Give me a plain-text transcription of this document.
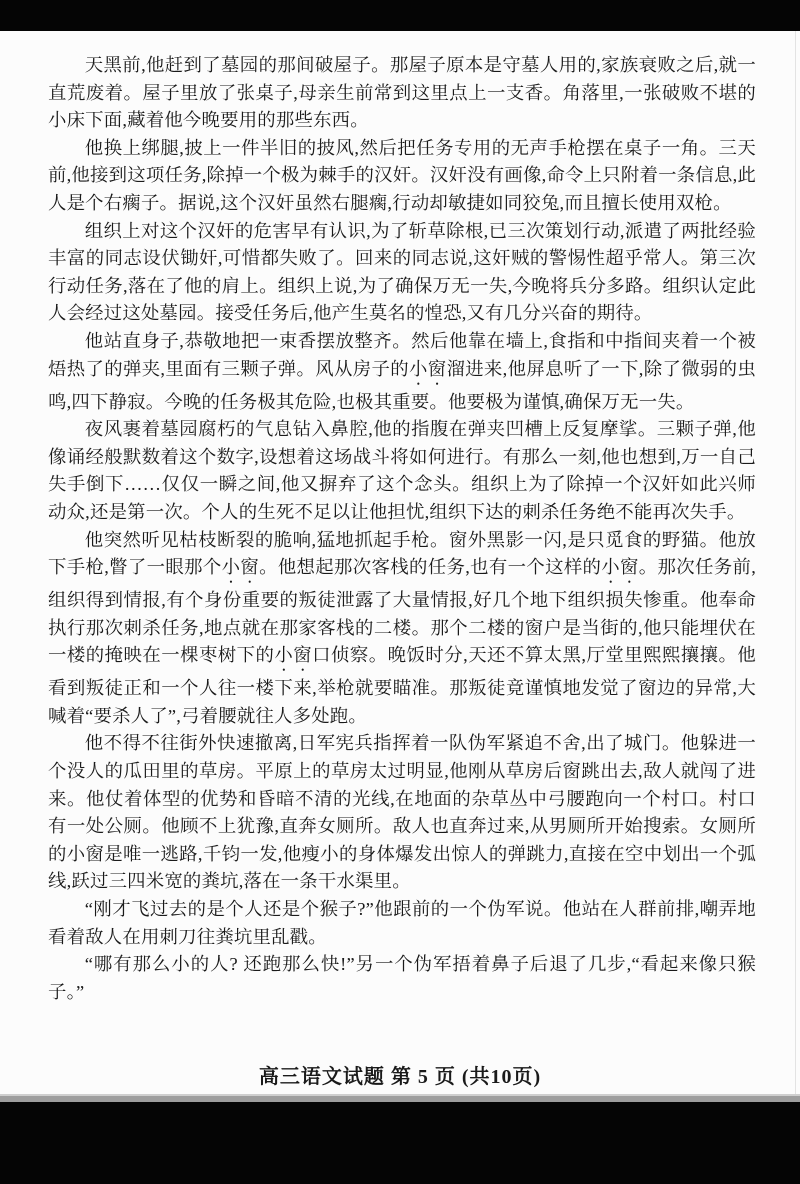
天黑前,他赶到了墓园的那间破屋子。那屋子原本是守墓人用的,家族衰败之后,就一直荒废着。屋子里放了张桌子,母亲生前常到这里点上一支香。角落里,一张破败不堪的小床下面,藏着他今晚要用的那些东西。

他换上绑腿,披上一件半旧的披风,然后把任务专用的无声手枪摆在桌子一角。三天前,他接到这项任务,除掉一个极为棘手的汉奸。汉奸没有画像,命令上只附着一条信息,此人是个右瘸子。据说,这个汉奸虽然右腿瘸,行动却敏捷如同狡兔,而且擅长使用双枪。

组织上对这个汉奸的危害早有认识,为了斩草除根,已三次策划行动,派遣了两批经验丰富的同志设伏锄奸,可惜都失败了。回来的同志说,这奸贼的警惕性超乎常人。第三次行动任务,落在了他的肩上。组织上说,为了确保万无一失,今晚将兵分多路。组织认定此人会经过这处墓园。接受任务后,他产生莫名的惶恐,又有几分兴奋的期待。

他站直身子,恭敬地把一束香摆放整齐。然后他靠在墙上,食指和中指间夹着一个被焐热了的弹夹,里面有三颗子弹。风从房子的小窗溜进来,他屏息听了一下,除了微弱的虫鸣,四下静寂。今晚的任务极其危险,也极其重要。他要极为谨慎,确保万无一失。

夜风裹着墓园腐朽的气息钻入鼻腔,他的指腹在弹夹凹槽上反复摩挲。三颗子弹,他像诵经般默数着这个数字,设想着这场战斗将如何进行。有那么一刻,他也想到,万一自己失手倒下……仅仅一瞬之间,他又摒弃了这个念头。组织上为了除掉一个汉奸如此兴师动众,还是第一次。个人的生死不足以让他担忧,组织下达的刺杀任务绝不能再次失手。

他突然听见枯枝断裂的脆响,猛地抓起手枪。窗外黑影一闪,是只觅食的野猫。他放下手枪,瞥了一眼那个小窗。他想起那次客栈的任务,也有一个这样的小窗。那次任务前,组织得到情报,有个身份重要的叛徒泄露了大量情报,好几个地下组织损失惨重。他奉命执行那次刺杀任务,地点就在那家客栈的二楼。那个二楼的窗户是当街的,他只能埋伏在一楼的掩映在一棵枣树下的小窗口侦察。晚饭时分,天还不算太黑,厅堂里熙熙攘攘。他看到叛徒正和一个人往一楼下来,举枪就要瞄准。那叛徒竟谨慎地发觉了窗边的异常,大喊着“要杀人了”,弓着腰就往人多处跑。

他不得不往街外快速撤离,日军宪兵指挥着一队伪军紧追不舍,出了城门。他躲进一个没人的瓜田里的草房。平原上的草房太过明显,他刚从草房后窗跳出去,敌人就闯了进来。他仗着体型的优势和昏暗不清的光线,在地面的杂草丛中弓腰跑向一个村口。村口有一处公厕。他顾不上犹豫,直奔女厕所。敌人也直奔过来,从男厕所开始搜索。女厕所的小窗是唯一逃路,千钧一发,他瘦小的身体爆发出惊人的弹跳力,直接在空中划出一个弧线,跃过三四米宽的粪坑,落在一条干水渠里。

“刚才飞过去的是个人还是个猴子?”他跟前的一个伪军说。他站在人群前排,嘲弄地看着敌人在用刺刀往粪坑里乱戳。

“哪有那么小的人? 还跑那么快!”另一个伪军捂着鼻子后退了几步,“看起来像只猴子。”

高三语文试题 第 5 页 (共10页)
